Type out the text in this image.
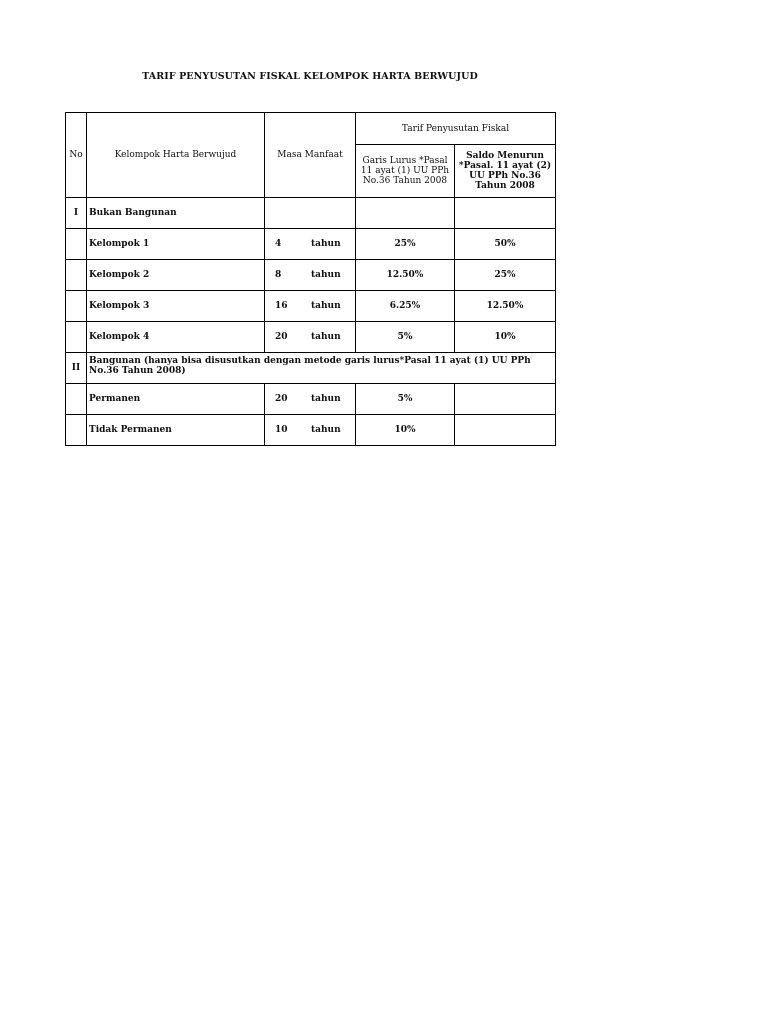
TARIF PENYUSUTAN FISKAL KELOMPOK HARTA BERWUJUD
No	Kelompok Harta Berwujud	Masa Manfaat	Tarif Penyusutan Fiskal	
			Garis Lurus *Pasal 11 ayat (1) UU PPh No.36 Tahun 2008	Saldo Menurun *Pasal. 11 ayat (2) UU PPh No.36 Tahun 2008
I	Bukan Bangunan			
	Kelompok 1	4 tahun	25%	50%
	Kelompok 2	8 tahun	12.50%	25%
	Kelompok 3	16 tahun	6.25%	12.50%
	Kelompok 4	20 tahun	5%	10%
II	Bangunan (hanya bisa disusutkan dengan metode garis lurus*Pasal 11 ayat (1) UU PPh No.36 Tahun 2008)			
	Permanen	20 tahun	5%	
	Tidak Permanen	10 tahun	10%	
